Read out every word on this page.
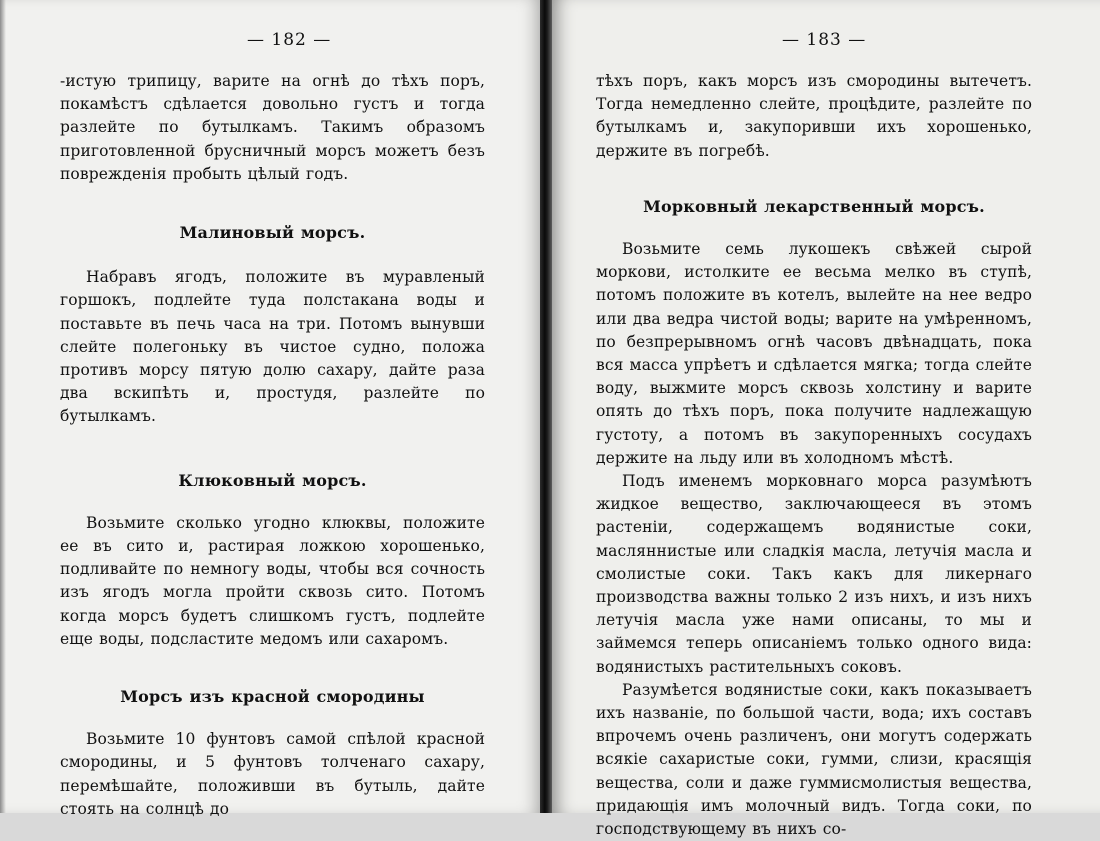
— 182 —

-истую трипицу, варите на огнѣ до тѣхъ поръ, покамѣстъ сдѣлается довольно густъ и тогда разлейте по бутылкамъ. Такимъ образомъ приготовленной брусничный морсъ можетъ безъ поврежденія пробыть цѣлый годъ.

Малиновый морсъ.

Набравъ ягодъ, положите въ муравленый горшокъ, подлейте туда полстакана воды и поставьте въ печь часа на три. Потомъ вынувши слейте полегоньку въ чистое судно, положа противъ морсу пятую долю сахару, дайте раза два вскипѣть и, простудя, разлейте по бутылкамъ.

Клюковный морсъ.

Возьмите сколько угодно клюквы, положите ее въ сито и, растирая ложкою хорошенько, подливайте по немногу воды, чтобы вся сочность изъ ягодъ могла пройти сквозь сито. Потомъ когда морсъ будетъ слишкомъ густъ, подлейте еще воды, подсластите медомъ или сахаромъ.

Морсъ изъ красной смородины

Возьмите 10 фунтовъ самой спѣлой красной смородины, и 5 фунтовъ толченаго сахару, перемѣшайте, положивши въ бутыль, дайте стоять на солнцѣ до

— 183 —

тѣхъ поръ, какъ морсъ изъ смородины вытечетъ. Тогда немедленно слейте, процѣдите, разлейте по бутылкамъ и, закупоривши ихъ хорошенько, держите въ погребѣ.

Морковный лекарственный морсъ.

Возьмите семь лукошекъ свѣжей сырой моркови, истолките ее весьма мелко въ ступѣ, потомъ положите въ котелъ, вылейте на нее ведро или два ведра чистой воды; варите на умѣренномъ, по безпрерывномъ огнѣ часовъ двѣнадцать, пока вся масса упрѣетъ и сдѣлается мягка; тогда слейте воду, выжмите морсъ сквозь холстину и варите опять до тѣхъ поръ, пока получите надлежащую густоту, а потомъ въ закупоренныхъ сосудахъ держите на льду или въ холодномъ мѣстѣ.

Подъ именемъ морковнаго морса разумѣютъ жидкое вещество, заключающееся въ этомъ растеніи, содержащемъ водянистые соки, масляннистые или сладкія масла, летучія масла и смолистые соки. Такъ какъ для ликернаго производства важны только 2 изъ нихъ, и изъ нихъ летучія масла уже нами описаны, то мы и займемся теперь описаніемъ только одного вида: водянистыхъ растительныхъ соковъ.

Разумѣется водянистые соки, какъ показываетъ ихъ названіе, по большой части, вода; ихъ составъ впрочемъ очень различенъ, они могутъ содержать всякіе сахаристые соки, гумми, слизи, красящія вещества, соли и даже гуммисмолистыя вещества, придающія имъ молочный видъ. Тогда соки, по господствующему въ нихъ со-
